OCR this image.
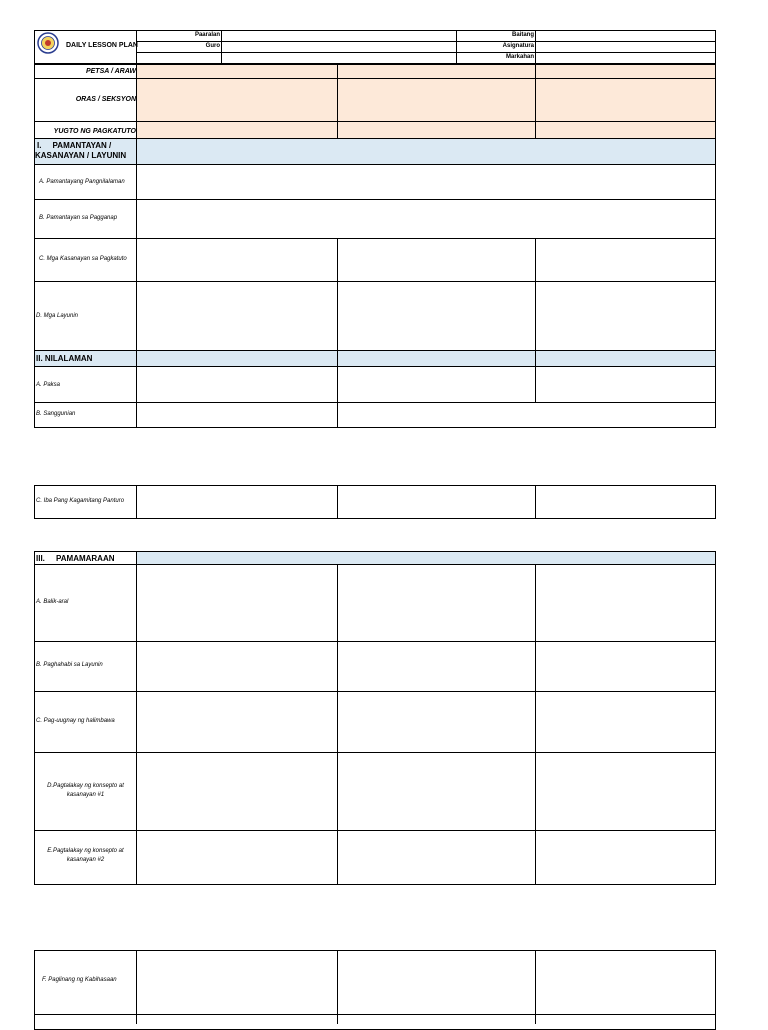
DAILY LESSON PLAN
Paaralan
Guro
Baitang
Asignatura
Markahan
PETSA / ARAW
ORAS / SEKSYON
YUGTO NG PAGKATUTO
I.     PAMANTAYAN /
KASANAYAN / LAYUNIN
A. Pamantayang Pangnilalaman
B. Pamantayan sa Pagganap
C. Mga Kasanayan sa Pagkatuto
D. Mga Layunin
II. NILALAMAN
A. Paksa
B. Sanggunian
C. Iba Pang Kagamitang Panturo
III.     PAMAMARAAN
A. Balik-aral
B. Paghahabi sa Layunin
C. Pag-uugnay ng halimbawa
D.Pagtalakay ng konsepto at
kasanayan #1
E.Pagtalakay ng konsepto at
kasanayan #2
F. Paglinang ng Kabihasaan
